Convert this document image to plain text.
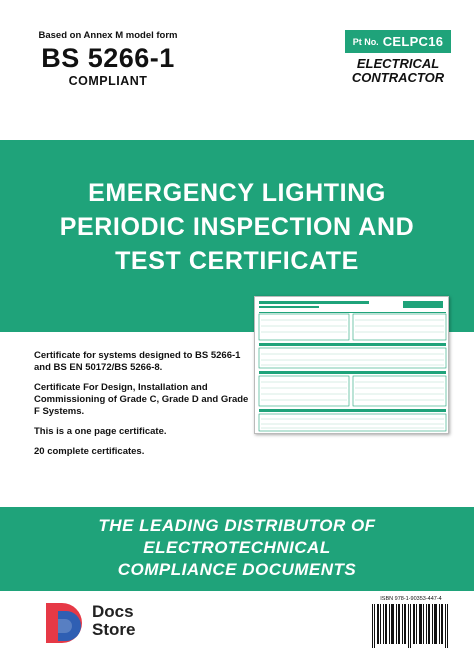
Based on Annex M model form
BS 5266-1
COMPLIANT
Pt No. CELPC16
ELECTRICAL
CONTRACTOR
EMERGENCY LIGHTING
PERIODIC INSPECTION AND
TEST CERTIFICATE

Certificate for systems designed to BS 5266-1 and BS EN 50172/BS 5266-8.

Certificate For Design, Installation and Commissioning of Grade C, Grade D and Grade F Systems.

This is a one page certificate.

20 complete certificates.

THE LEADING DISTRIBUTOR OF
ELECTROTECHNICAL
COMPLIANCE DOCUMENTS
Docs
Store
ISBN 978-1-90353-447-4
